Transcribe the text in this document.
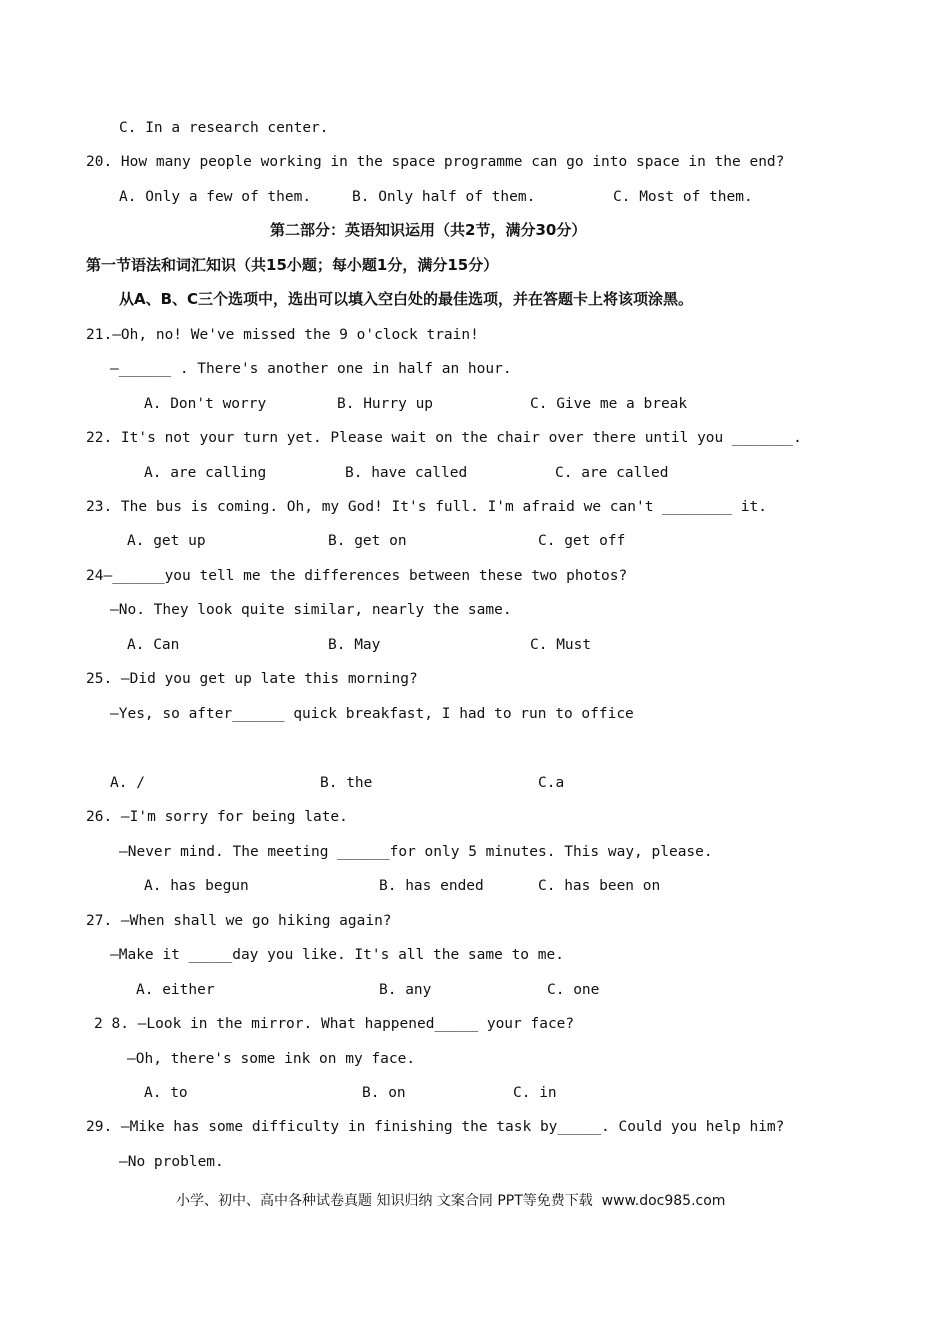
C. In a research center.
20. How many people working in the space programme can go into space in the end?
A. Only a few of them.	B. Only half of them.	C. Most of them.
第二部分：英语知识运用（共2节，满分30分）
第一节语法和词汇知识（共15小题；每小题1分，满分15分）
从A、B、C三个选项中，选出可以填入空白处的最佳选项，并在答题卡上将该项涂黑。
21.—Oh, no! We've missed the 9 o'clock train!
—______ . There's another one in half an hour.
A. Don't worry	B. Hurry up	C. Give me a break
22. It's not your turn yet. Please wait on the chair over there until you _______.
A. are calling	B. have called	C. are called
23. The bus is coming. Oh, my God! It's full. I'm afraid we can't ________ it.
A. get up	B. get on	C. get off
24—______you tell me the differences between these two photos?
—No. They look quite similar, nearly the same.
A. Can	B. May	C. Must
25. —Did you get up late this morning?
—Yes, so after______ quick breakfast, I had to run to office
A. /	B. the	C.a
26. —I'm sorry for being late.
—Never mind. The meeting ______for only 5 minutes. This way, please.
A. has begun	B. has ended	C. has been on
27. —When shall we go hiking again?
—Make it _____day you like. It's all the same to me.
A. either	B. any	C. one
2 8. —Look in the mirror. What happened_____ your face?
—Oh, there's some ink on my face.
A. to	B. on	C. in
29. —Mike has some difficulty in finishing the task by_____. Could you help him?
—No problem.
小学、初中、高中各种试卷真题 知识归纳 文案合同 PPT等免费下载  www.doc985.com
